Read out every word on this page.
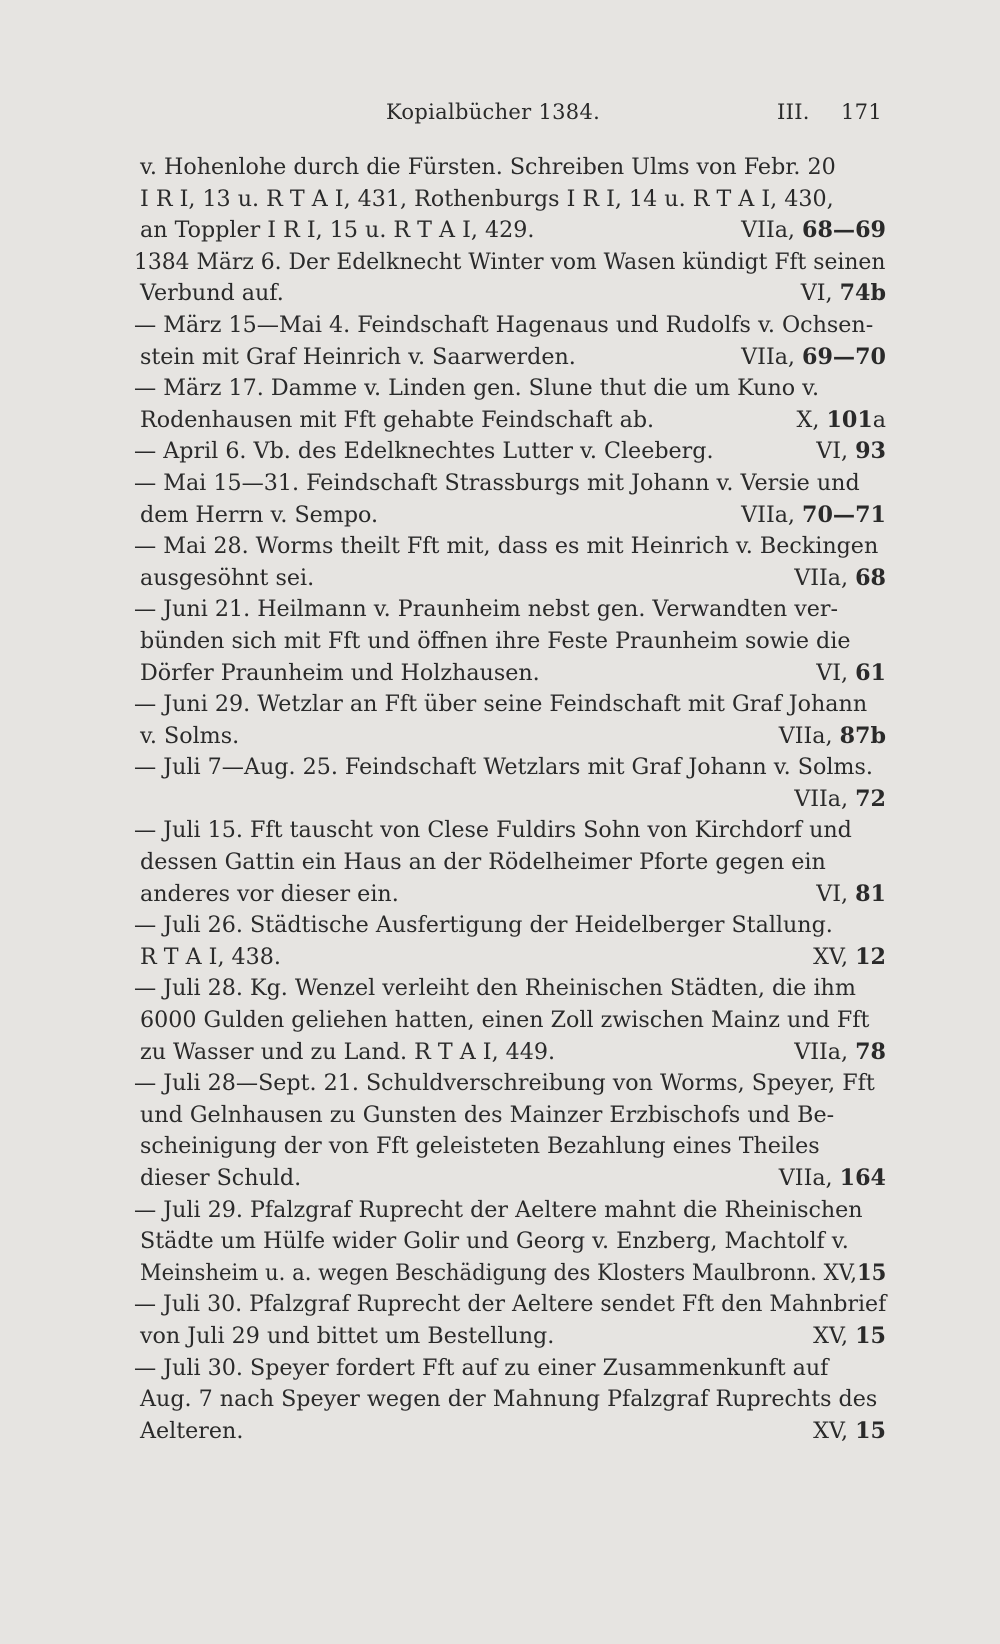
Kopialbücher 1384.	III. 171
v. Hohenlohe durch die Fürsten. Schreiben Ulms von Febr. 20
I R I, 13 u. R T A I, 431, Rothenburgs I R I, 14 u. R T A I, 430,
an Toppler I R I, 15 u. R T A I, 429.	VIIa, 68—69
1384 März 6. Der Edelknecht Winter vom Wasen kündigt Fft seinen
Verbund auf.	VI, 74b
— März 15—Mai 4. Feindschaft Hagenaus und Rudolfs v. Ochsen-
stein mit Graf Heinrich v. Saarwerden.	VIIa, 69—70
— März 17. Damme v. Linden gen. Slune thut die um Kuno v.
Rodenhausen mit Fft gehabte Feindschaft ab.	X, 101a
— April 6. Vb. des Edelknechtes Lutter v. Cleeberg.	VI, 93
— Mai 15—31. Feindschaft Strassburgs mit Johann v. Versie und
dem Herrn v. Sempo.	VIIa, 70—71
— Mai 28. Worms theilt Fft mit, dass es mit Heinrich v. Beckingen
ausgesöhnt sei.	VIIa, 68
— Juni 21. Heilmann v. Praunheim nebst gen. Verwandten ver-
bünden sich mit Fft und öffnen ihre Feste Praunheim sowie die
Dörfer Praunheim und Holzhausen.	VI, 61
— Juni 29. Wetzlar an Fft über seine Feindschaft mit Graf Johann
v. Solms.	VIIa, 87b
— Juli 7—Aug. 25. Feindschaft Wetzlars mit Graf Johann v. Solms.
VIIa, 72
— Juli 15. Fft tauscht von Clese Fuldirs Sohn von Kirchdorf und
dessen Gattin ein Haus an der Rödelheimer Pforte gegen ein
anderes vor dieser ein.	VI, 81
— Juli 26. Städtische Ausfertigung der Heidelberger Stallung.
R T A I, 438.	XV, 12
— Juli 28. Kg. Wenzel verleiht den Rheinischen Städten, die ihm
6000 Gulden geliehen hatten, einen Zoll zwischen Mainz und Fft
zu Wasser und zu Land. R T A I, 449.	VIIa, 78
— Juli 28—Sept. 21. Schuldverschreibung von Worms, Speyer, Fft
und Gelnhausen zu Gunsten des Mainzer Erzbischofs und Be-
scheinigung der von Fft geleisteten Bezahlung eines Theiles
dieser Schuld.	VIIa, 164
— Juli 29. Pfalzgraf Ruprecht der Aeltere mahnt die Rheinischen
Städte um Hülfe wider Golir und Georg v. Enzberg, Machtolf v.
Meinsheim u. a. wegen Beschädigung des Klosters Maulbronn. XV,15
— Juli 30. Pfalzgraf Ruprecht der Aeltere sendet Fft den Mahnbrief
von Juli 29 und bittet um Bestellung.	XV, 15
— Juli 30. Speyer fordert Fft auf zu einer Zusammenkunft auf
Aug. 7 nach Speyer wegen der Mahnung Pfalzgraf Ruprechts des
Aelteren.	XV, 15
